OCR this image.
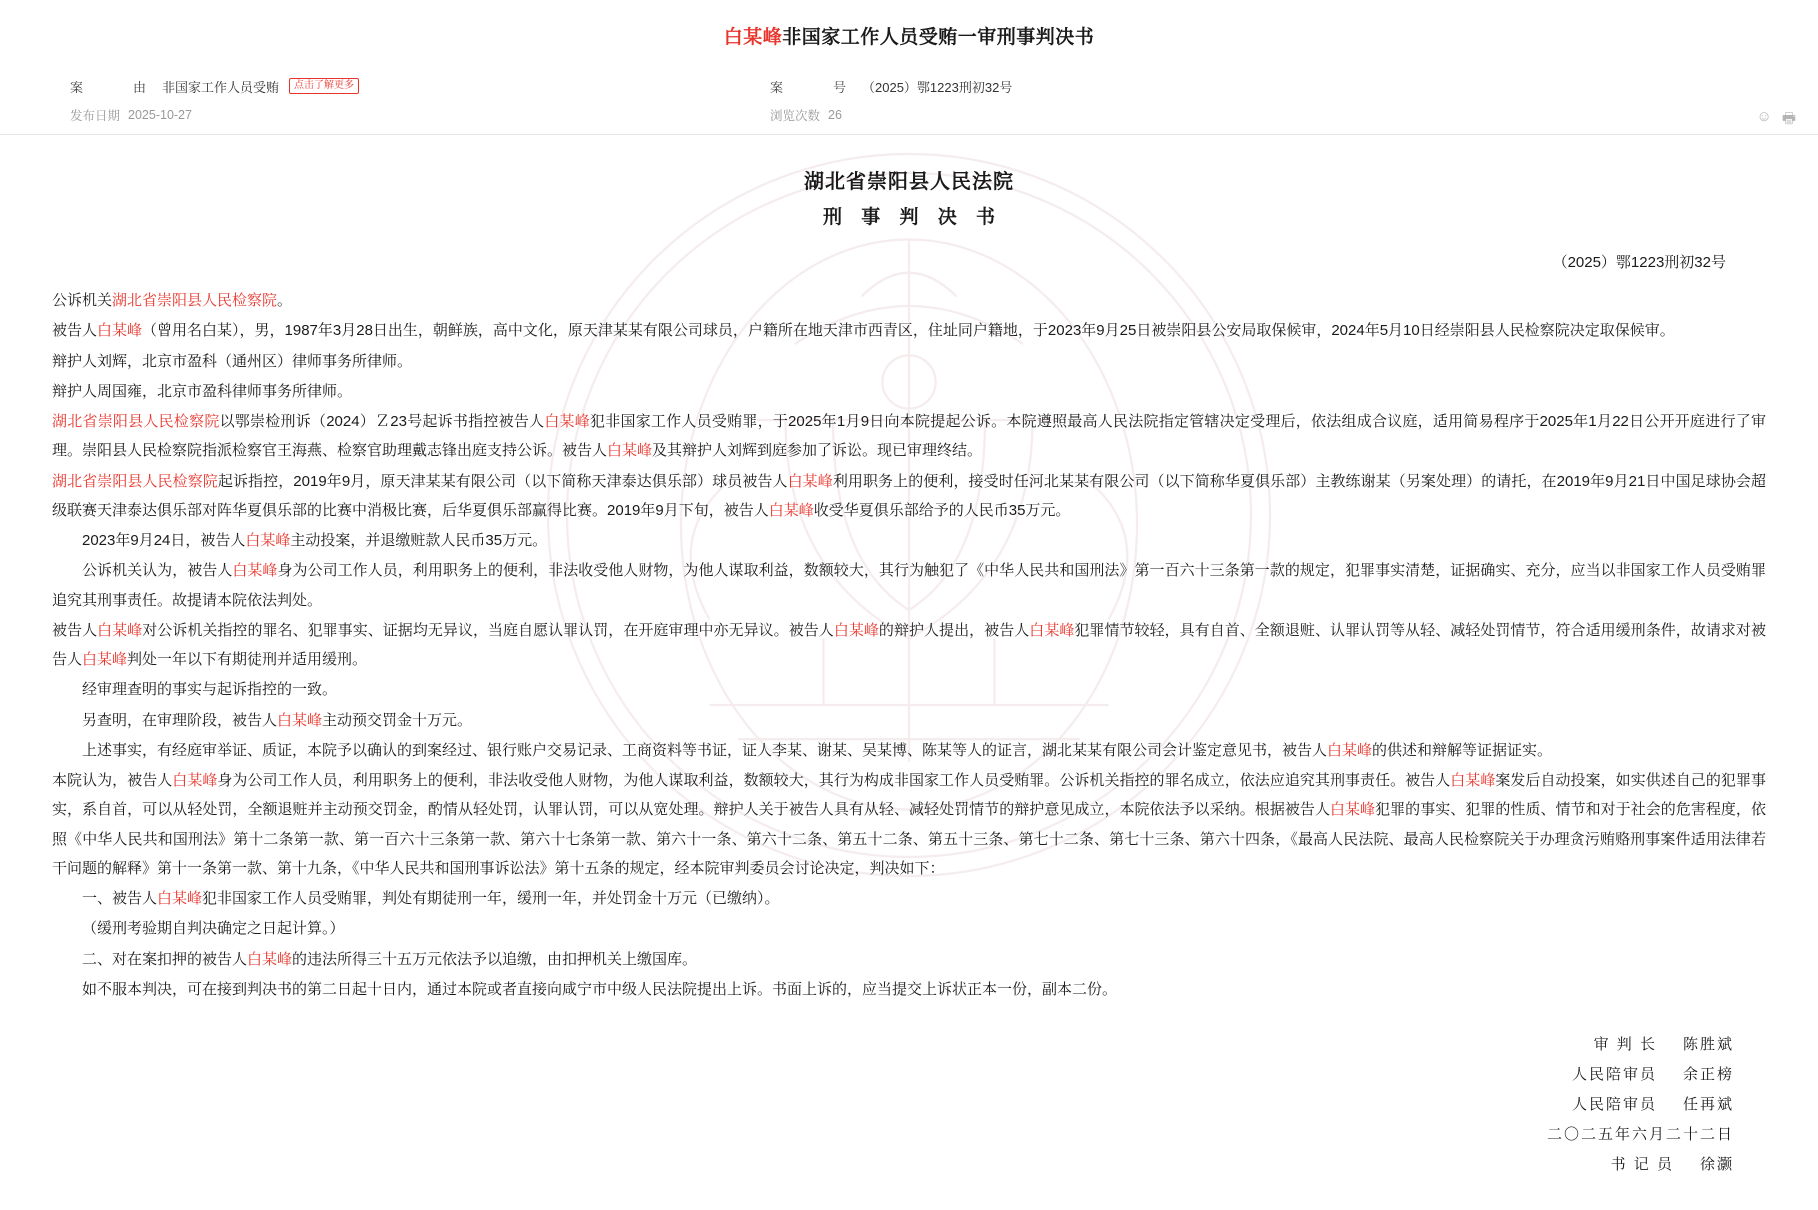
白某峰非国家工作人员受贿一审刑事判决书
案　　由 非国家工作人员受贿	点击了解更多	案　　号 （2025）鄂1223刑初32号
发布日期 2025-10-27	浏览次数 26	☺ 🖶
湖北省崇阳县人民法院
刑 事 判 决 书
（2025）鄂1223刑初32号

公诉机关湖北省崇阳县人民检察院。

被告人白某峰（曾用名白某），男，1987年3月28日出生，朝鲜族，高中文化，原天津某某有限公司球员，户籍所在地天津市西青区，住址同户籍地，于2023年9月25日被崇阳县公安局取保候审，2024年5月10日经崇阳县人民检察院决定取保候审。

辩护人刘辉，北京市盈科（通州区）律师事务所律师。

辩护人周国雍，北京市盈科律师事务所律师。

湖北省崇阳县人民检察院以鄂崇检刑诉（2024）Ｚ23号起诉书指控被告人白某峰犯非国家工作人员受贿罪，于2025年1月9日向本院提起公诉。本院遵照最高人民法院指定管辖决定受理后，依法组成合议庭，适用简易程序于2025年1月22日公开开庭进行了审理。崇阳县人民检察院指派检察官王海燕、检察官助理戴志锋出庭支持公诉。被告人白某峰及其辩护人刘辉到庭参加了诉讼。现已审理终结。

湖北省崇阳县人民检察院起诉指控，2019年9月，原天津某某有限公司（以下简称天津泰达俱乐部）球员被告人白某峰利用职务上的便利，接受时任河北某某有限公司（以下简称华夏俱乐部）主教练谢某（另案处理）的请托，在2019年9月21日中国足球协会超级联赛天津泰达俱乐部对阵华夏俱乐部的比赛中消极比赛，后华夏俱乐部赢得比赛。2019年9月下旬，被告人白某峰收受华夏俱乐部给予的人民币35万元。

2023年9月24日，被告人白某峰主动投案，并退缴赃款人民币35万元。

公诉机关认为，被告人白某峰身为公司工作人员，利用职务上的便利，非法收受他人财物，为他人谋取利益，数额较大，其行为触犯了《中华人民共和国刑法》第一百六十三条第一款的规定，犯罪事实清楚，证据确实、充分，应当以非国家工作人员受贿罪追究其刑事责任。故提请本院依法判处。

被告人白某峰对公诉机关指控的罪名、犯罪事实、证据均无异议，当庭自愿认罪认罚，在开庭审理中亦无异议。被告人白某峰的辩护人提出，被告人白某峰犯罪情节较轻，具有自首、全额退赃、认罪认罚等从轻、减轻处罚情节，符合适用缓刑条件，故请求对被告人白某峰判处一年以下有期徒刑并适用缓刑。

经审理查明的事实与起诉指控的一致。

另查明，在审理阶段，被告人白某峰主动预交罚金十万元。

上述事实，有经庭审举证、质证，本院予以确认的到案经过、银行账户交易记录、工商资料等书证，证人李某、谢某、吴某博、陈某等人的证言，湖北某某有限公司会计鉴定意见书，被告人白某峰的供述和辩解等证据证实。

本院认为，被告人白某峰身为公司工作人员，利用职务上的便利，非法收受他人财物，为他人谋取利益，数额较大，其行为构成非国家工作人员受贿罪。公诉机关指控的罪名成立，依法应追究其刑事责任。被告人白某峰案发后自动投案，如实供述自己的犯罪事实，系自首，可以从轻处罚，全额退赃并主动预交罚金，酌情从轻处罚，认罪认罚，可以从宽处理。辩护人关于被告人具有从轻、减轻处罚情节的辩护意见成立，本院依法予以采纳。根据被告人白某峰犯罪的事实、犯罪的性质、情节和对于社会的危害程度，依照《中华人民共和国刑法》第十二条第一款、第一百六十三条第一款、第六十七条第一款、第六十一条、第六十二条、第五十二条、第五十三条、第七十二条、第七十三条、第六十四条，《最高人民法院、最高人民检察院关于办理贪污贿赂刑事案件适用法律若干问题的解释》第十一条第一款、第十九条，《中华人民共和国刑事诉讼法》第十五条的规定，经本院审判委员会讨论决定，判决如下：

一、被告人白某峰犯非国家工作人员受贿罪，判处有期徒刑一年，缓刑一年，并处罚金十万元（已缴纳）。

（缓刑考验期自判决确定之日起计算。）

二、对在案扣押的被告人白某峰的违法所得三十五万元依法予以追缴，由扣押机关上缴国库。

如不服本判决，可在接到判决书的第二日起十日内，通过本院或者直接向咸宁市中级人民法院提出上诉。书面上诉的，应当提交上诉状正本一份，副本二份。

审 判 长 陈胜斌
人民陪审员 余正榜
人民陪审员 任再斌
二〇二五年六月二十二日
书 记 员 徐灏
